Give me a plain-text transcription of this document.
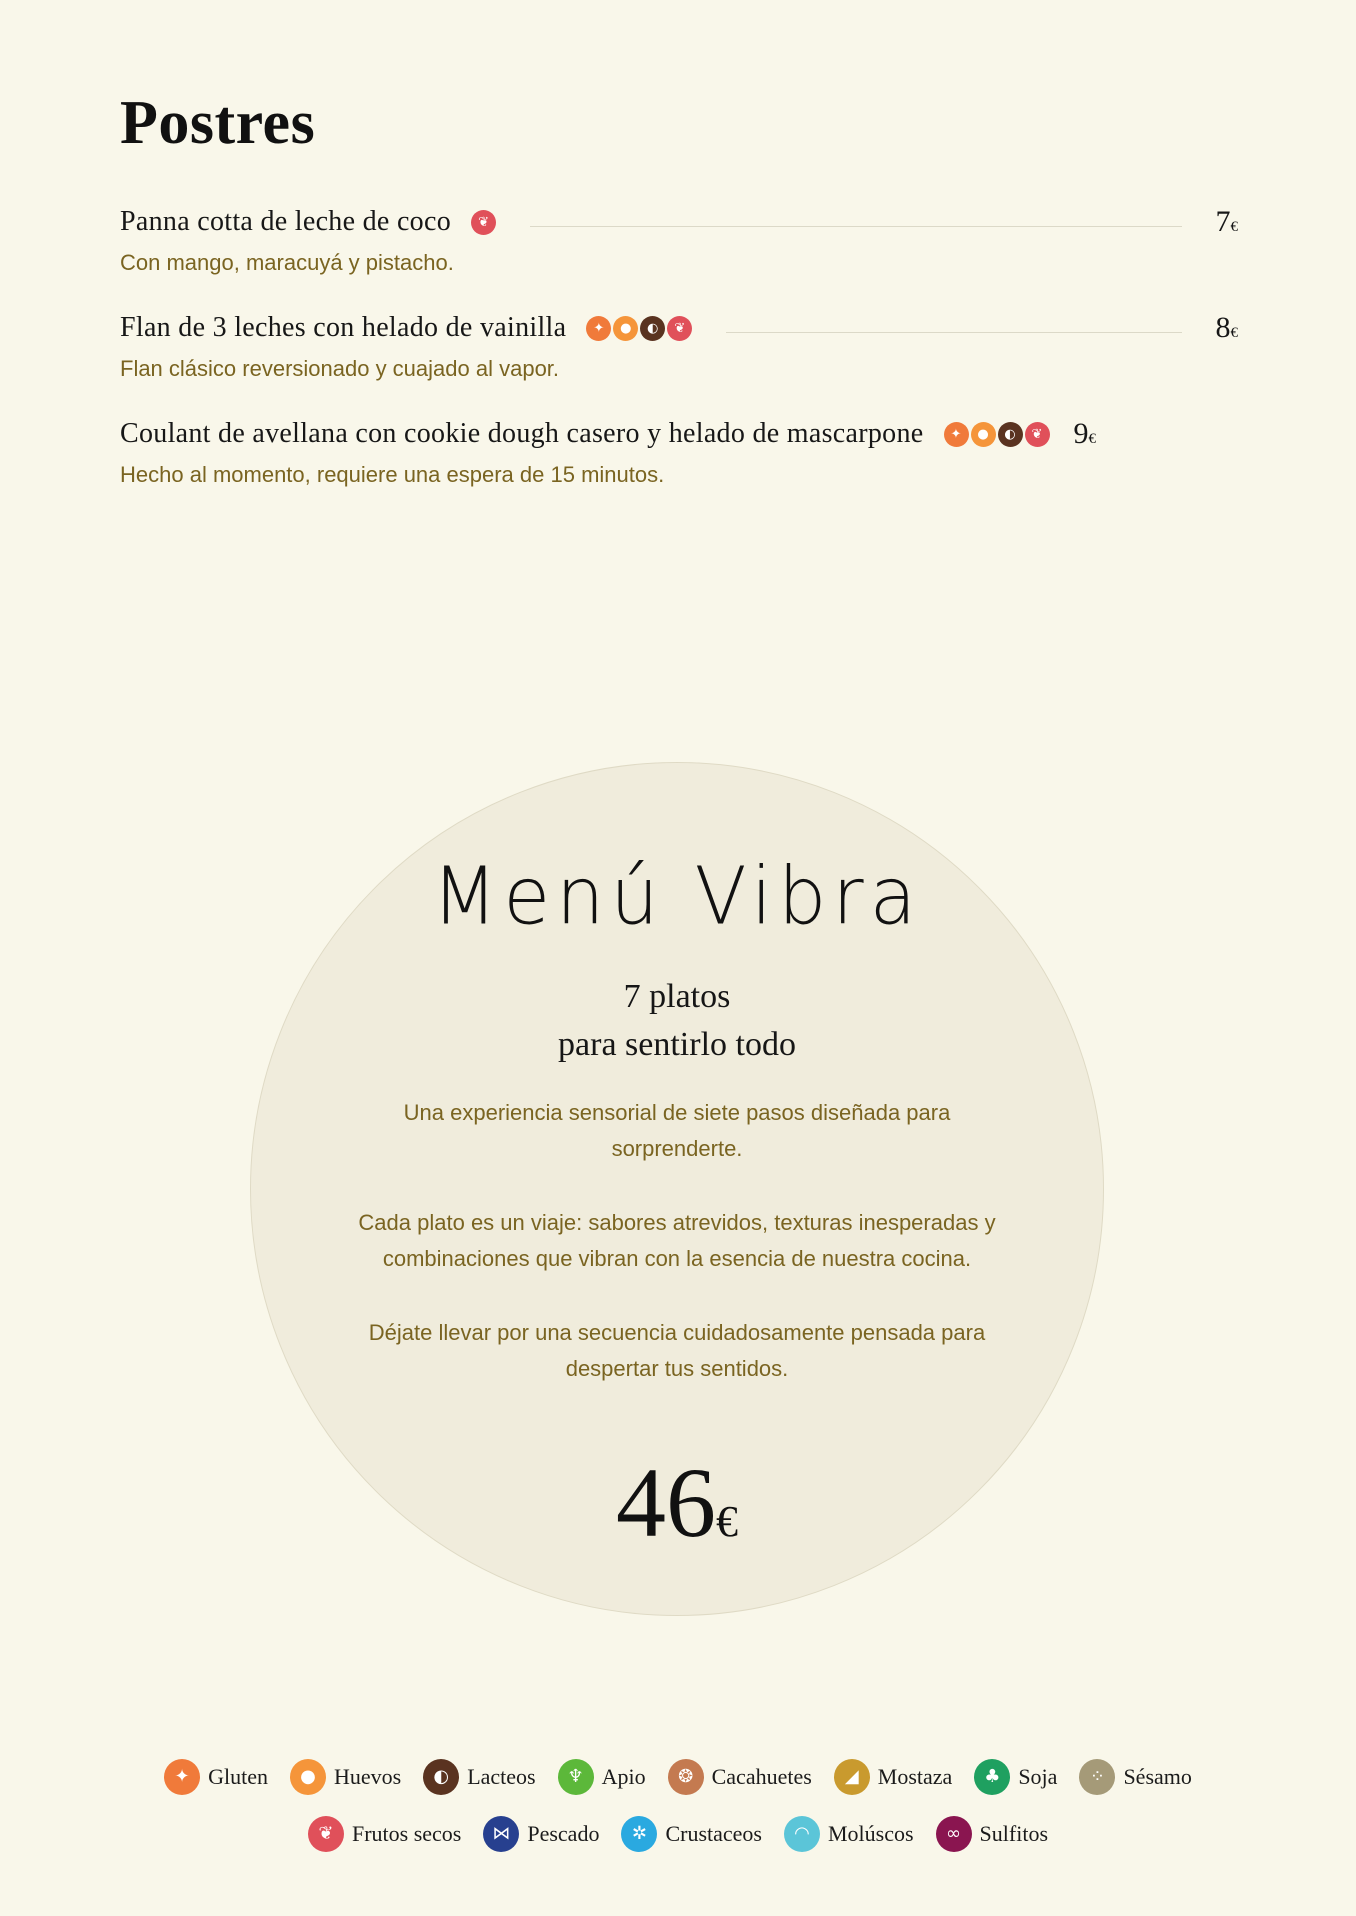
Postres
Panna cotta de leche de coco	❦	7€
Con mango, maracuyá y pistacho.
Flan de 3 leches con helado de vainilla	✦	●	◐	❦	8€
Flan clásico reversionado y cuajado al vapor.
Coulant de avellana con cookie dough casero y helado de mascarpone	✦	●	◐	❦ 9€
Hecho al momento, requiere una espera de 15 minutos.
Menú Vibra
7 platos
para sentirlo todo

Una experiencia sensorial de siete pasos diseñada para sorprenderte.

Cada plato es un viaje: sabores atrevidos, texturas inesperadas y combinaciones que vibran con la esencia de nuestra cocina.

Déjate llevar por una secuencia cuidadosamente pensada para despertar tus sentidos.

46€
✦ Gluten	● Huevos	◐ Lacteos	♆ Apio	❂ Cacahuetes	◢ Mostaza	♣ Soja	⁘ Sésamo
❦ Frutos secos	⋈ Pescado	✲ Crustaceos	◠ Molúscos	∞ Sulfitos
